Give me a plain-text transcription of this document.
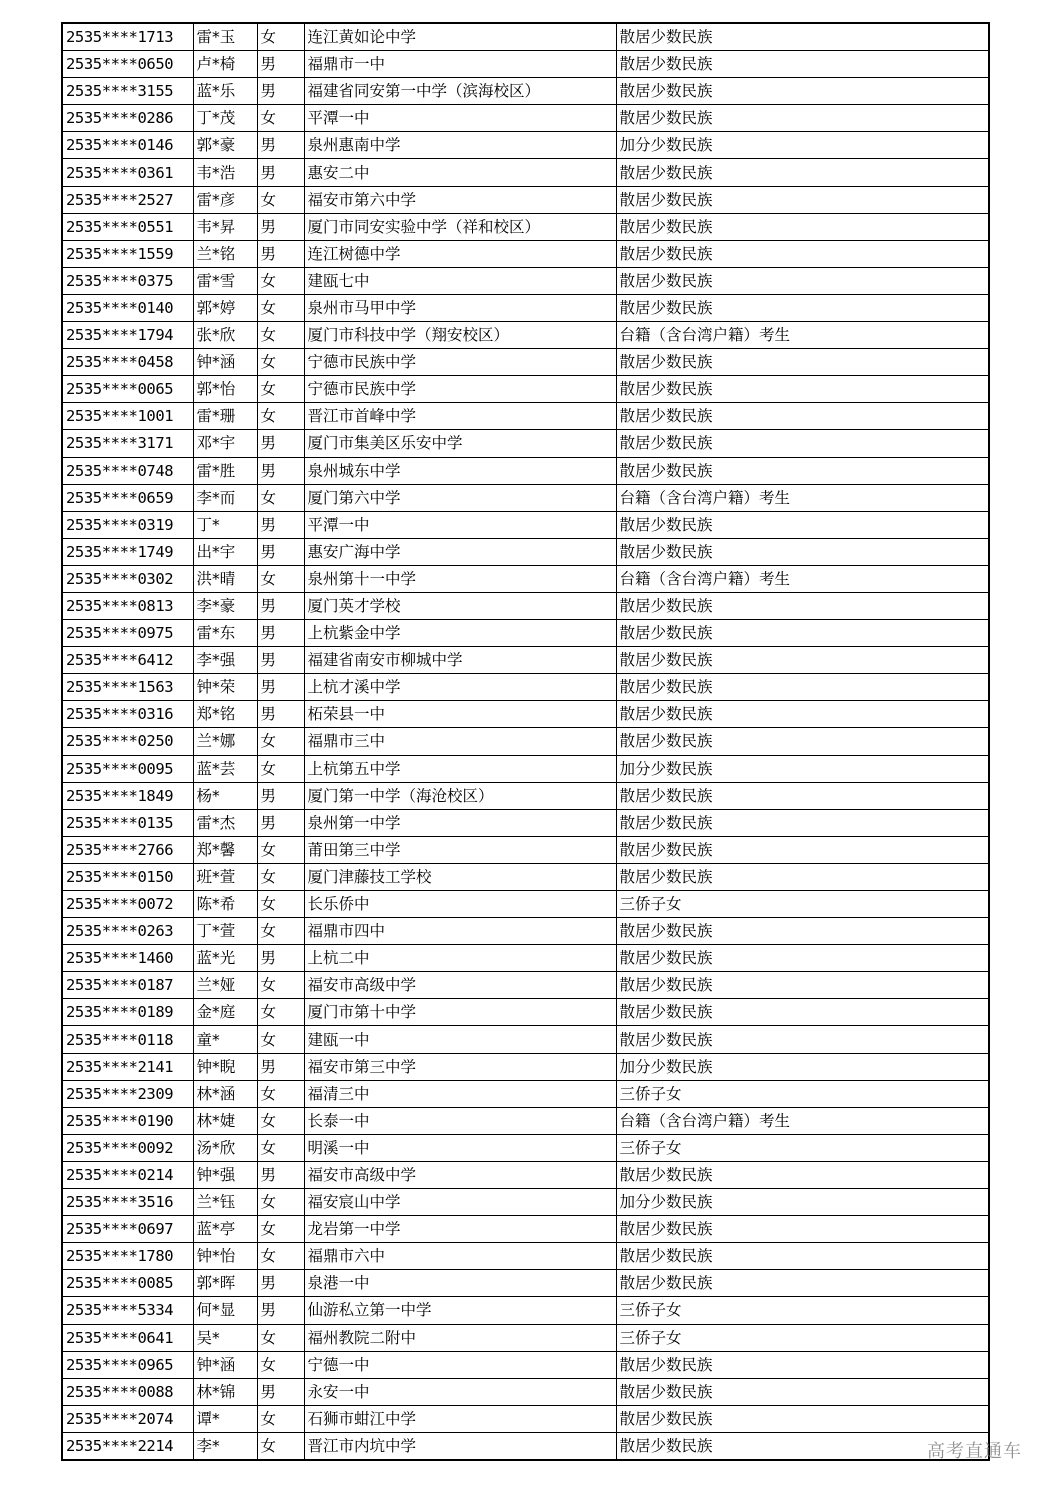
2535****1713	雷*玉	女	连江黄如论中学	散居少数民族
2535****0650	卢*椅	男	福鼎市一中	散居少数民族
2535****3155	蓝*乐	男	福建省同安第一中学（滨海校区）	散居少数民族
2535****0286	丁*茂	女	平潭一中	散居少数民族
2535****0146	郭*豪	男	泉州惠南中学	加分少数民族
2535****0361	韦*浩	男	惠安二中	散居少数民族
2535****2527	雷*彦	女	福安市第六中学	散居少数民族
2535****0551	韦*昇	男	厦门市同安实验中学（祥和校区）	散居少数民族
2535****1559	兰*铭	男	连江树德中学	散居少数民族
2535****0375	雷*雪	女	建瓯七中	散居少数民族
2535****0140	郭*婷	女	泉州市马甲中学	散居少数民族
2535****1794	张*欣	女	厦门市科技中学（翔安校区）	台籍（含台湾户籍）考生
2535****0458	钟*涵	女	宁德市民族中学	散居少数民族
2535****0065	郭*怡	女	宁德市民族中学	散居少数民族
2535****1001	雷*珊	女	晋江市首峰中学	散居少数民族
2535****3171	邓*宇	男	厦门市集美区乐安中学	散居少数民族
2535****0748	雷*胜	男	泉州城东中学	散居少数民族
2535****0659	李*而	女	厦门第六中学	台籍（含台湾户籍）考生
2535****0319	丁*	男	平潭一中	散居少数民族
2535****1749	出*宇	男	惠安广海中学	散居少数民族
2535****0302	洪*晴	女	泉州第十一中学	台籍（含台湾户籍）考生
2535****0813	李*豪	男	厦门英才学校	散居少数民族
2535****0975	雷*东	男	上杭紫金中学	散居少数民族
2535****6412	李*强	男	福建省南安市柳城中学	散居少数民族
2535****1563	钟*荣	男	上杭才溪中学	散居少数民族
2535****0316	郑*铭	男	柘荣县一中	散居少数民族
2535****0250	兰*娜	女	福鼎市三中	散居少数民族
2535****0095	蓝*芸	女	上杭第五中学	加分少数民族
2535****1849	杨*	男	厦门第一中学（海沧校区）	散居少数民族
2535****0135	雷*杰	男	泉州第一中学	散居少数民族
2535****2766	郑*馨	女	莆田第三中学	散居少数民族
2535****0150	班*萱	女	厦门津藤技工学校	散居少数民族
2535****0072	陈*希	女	长乐侨中	三侨子女
2535****0263	丁*萱	女	福鼎市四中	散居少数民族
2535****1460	蓝*光	男	上杭二中	散居少数民族
2535****0187	兰*娅	女	福安市高级中学	散居少数民族
2535****0189	金*庭	女	厦门市第十中学	散居少数民族
2535****0118	童*	女	建瓯一中	散居少数民族
2535****2141	钟*睨	男	福安市第三中学	加分少数民族
2535****2309	林*涵	女	福清三中	三侨子女
2535****0190	林*婕	女	长泰一中	台籍（含台湾户籍）考生
2535****0092	汤*欣	女	明溪一中	三侨子女
2535****0214	钟*强	男	福安市高级中学	散居少数民族
2535****3516	兰*钰	女	福安宸山中学	加分少数民族
2535****0697	蓝*亭	女	龙岩第一中学	散居少数民族
2535****1780	钟*怡	女	福鼎市六中	散居少数民族
2535****0085	郭*晖	男	泉港一中	散居少数民族
2535****5334	何*显	男	仙游私立第一中学	三侨子女
2535****0641	吴*	女	福州教院二附中	三侨子女
2535****0965	钟*涵	女	宁德一中	散居少数民族
2535****0088	林*锦	男	永安一中	散居少数民族
2535****2074	谭*	女	石狮市蚶江中学	散居少数民族
2535****2214	李*	女	晋江市内坑中学	散居少数民族	高考直通车
